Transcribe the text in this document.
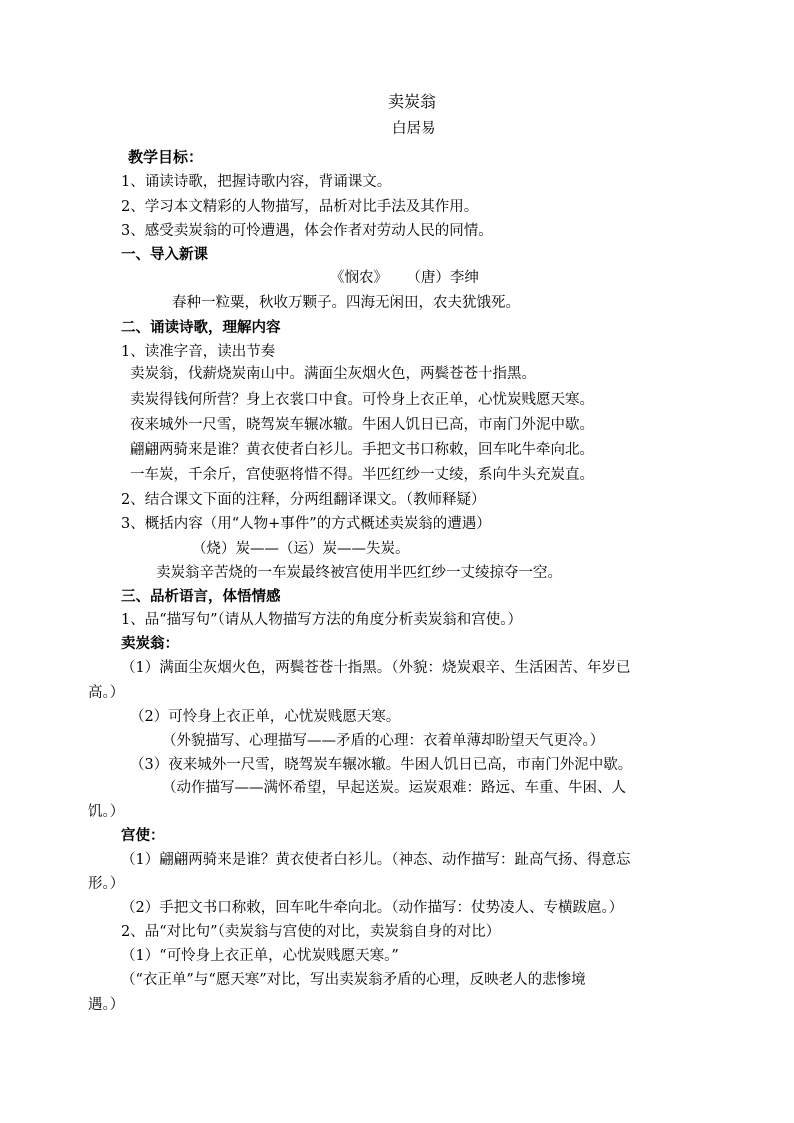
卖炭翁
白居易
教学目标：
1、诵读诗歌，把握诗歌内容，背诵课文。
2、学习本文精彩的人物描写，品析对比手法及其作用。
3、感受卖炭翁的可怜遭遇，体会作者对劳动人民的同情。
一、导入新课
《悯农》    （唐）李绅
春种一粒粟，秋收万颗子。四海无闲田，农夫犹饿死。
二、诵读诗歌，理解内容
1、读准字音，读出节奏
卖炭翁，伐薪烧炭南山中。满面尘灰烟火色，两鬓苍苍十指黑。
卖炭得钱何所营？身上衣裳口中食。可怜身上衣正单，心忧炭贱愿天寒。
夜来城外一尺雪，晓驾炭车辗冰辙。牛困人饥日已高，市南门外泥中歇。
翩翩两骑来是谁？黄衣使者白衫儿。手把文书口称敕，回车叱牛牵向北。
一车炭，千余斤，宫使驱将惜不得。半匹红纱一丈绫，系向牛头充炭直。
2、结合课文下面的注释，分两组翻译课文。（教师释疑）
3、概括内容（用“人物+事件”的方式概述卖炭翁的遭遇）
（烧）炭——（运）炭——失炭。
卖炭翁辛苦烧的一车炭最终被宫使用半匹红纱一丈绫掠夺一空。
三、品析语言，体悟情感
1、品“描写句”（请从人物描写方法的角度分析卖炭翁和宫使。）
卖炭翁：
（1）满面尘灰烟火色，两鬓苍苍十指黑。（外貌：烧炭艰辛、生活困苦、年岁已
高。）
（2）可怜身上衣正单，心忧炭贱愿天寒。
（外貌描写、心理描写——矛盾的心理：衣着单薄却盼望天气更冷。）
（3）夜来城外一尺雪，晓驾炭车辗冰辙。牛困人饥日已高，市南门外泥中歇。
（动作描写——满怀希望，早起送炭。运炭艰难：路远、车重、牛困、人
饥。）
宫使：
（1）翩翩两骑来是谁？黄衣使者白衫儿。（神态、动作描写：趾高气扬、得意忘
形。）
（2）手把文书口称敕，回车叱牛牵向北。（动作描写：仗势凌人、专横跋扈。）
2、品“对比句”（卖炭翁与宫使的对比，卖炭翁自身的对比）
（1）“可怜身上衣正单，心忧炭贱愿天寒。”
（“衣正单”与“愿天寒”对比，写出卖炭翁矛盾的心理，反映老人的悲惨境
遇。）
